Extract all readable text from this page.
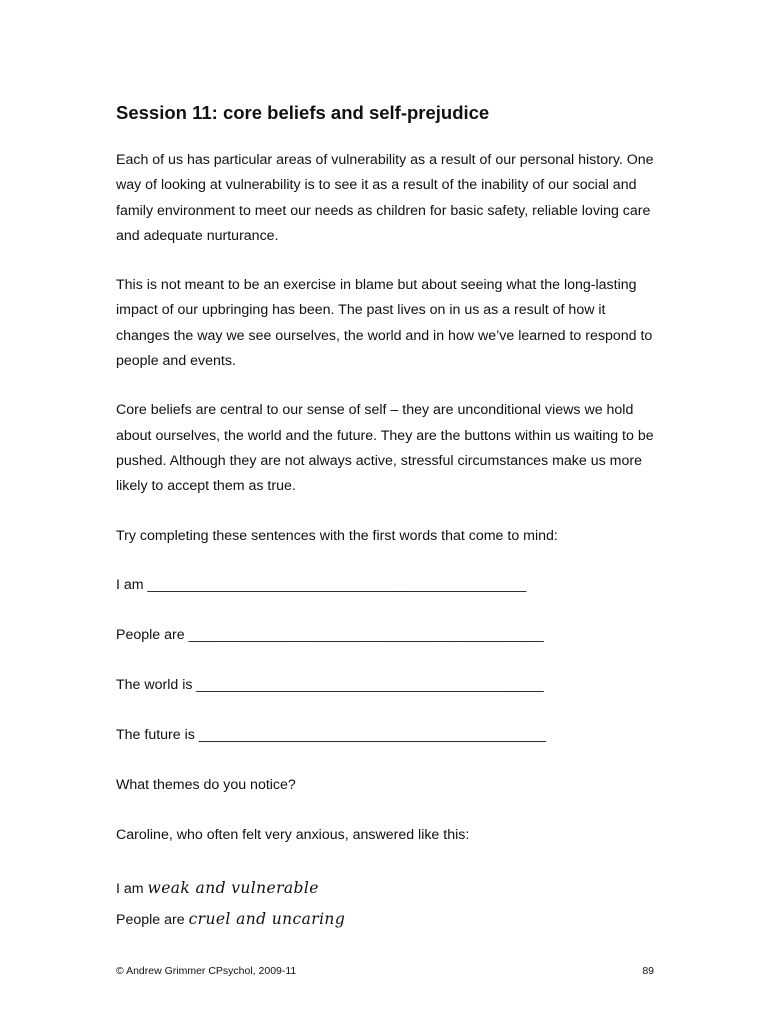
Session 11: core beliefs and self-prejudice

Each of us has particular areas of vulnerability as a result of our personal history. One way of looking at vulnerability is to see it as a result of the inability of our social and family environment to meet our needs as children for basic safety, reliable loving care and adequate nurturance.

This is not meant to be an exercise in blame but about seeing what the long-lasting impact of our upbringing has been. The past lives on in us as a result of how it changes the way we see ourselves, the world and in how we’ve learned to respond to people and events.

Core beliefs are central to our sense of self – they are unconditional views we hold about ourselves, the world and the future. They are the buttons within us waiting to be pushed. Although they are not always active, stressful circumstances make us more likely to accept them as true.

Try completing these sentences with the first words that come to mind:

I am ________________________________________________

People are _____________________________________________

The world is ____________________________________________

The future is ____________________________________________

What themes do you notice?

Caroline, who often felt very anxious, answered like this:

I am weak and vulnerable

People are cruel and uncaring

© Andrew Grimmer CPsychol, 2009-11	89
